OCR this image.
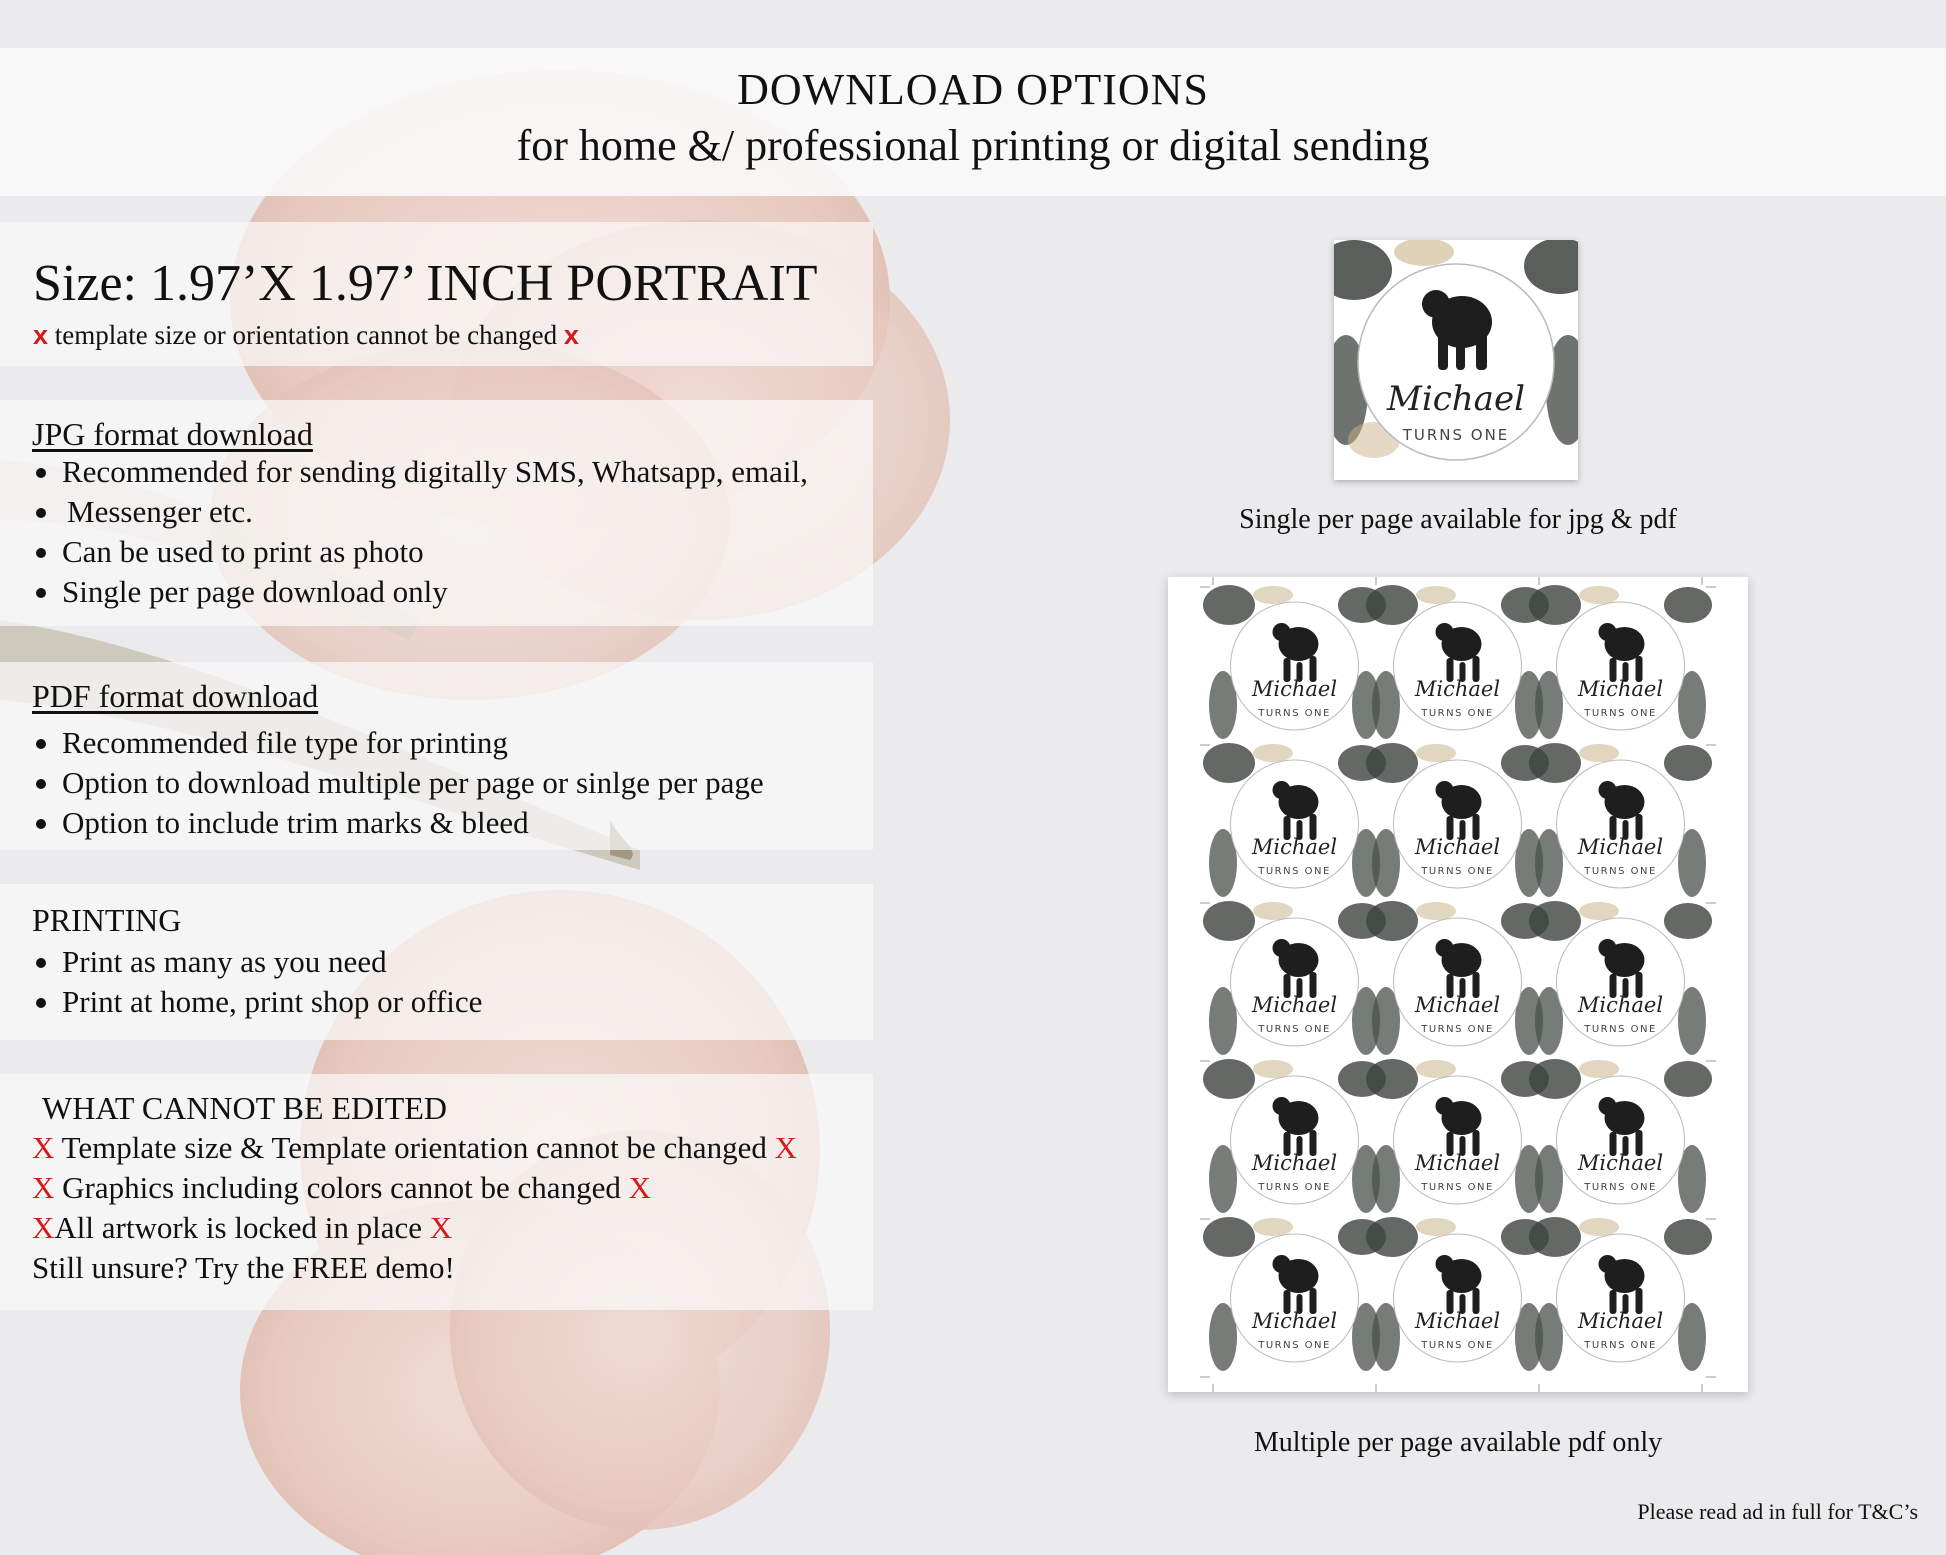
DOWNLOAD OPTIONS
for home &/ professional printing or digital sending
Size: 1.97’X 1.97’ INCH PORTRAIT
x template size or orientation cannot be changed x
JPG format download
Recommended for sending digitally SMS, Whatsapp, email,
Messenger etc.
Can be used to print as photo
Single per page download only
PDF format download
Recommended file type for printing
Option to download multiple per page or sinlge per page
Option to include trim marks & bleed
PRINTING
Print as many as you need
Print at home, print shop or office
WHAT CANNOT BE EDITED
X Template size & Template orientation cannot be changed X
X Graphics including colors cannot be changed X
XAll artwork is locked in place X
Still unsure? Try the FREE demo!
Michael
TURNS ONE
Single per page available for jpg & pdf
Michael
TURNS ONE
Michael
TURNS ONE
Michael
TURNS ONE
Michael
TURNS ONE
Michael
TURNS ONE
Michael
TURNS ONE
Michael
TURNS ONE
Michael
TURNS ONE
Michael
TURNS ONE
Michael
TURNS ONE
Michael
TURNS ONE
Michael
TURNS ONE
Michael
TURNS ONE
Michael
TURNS ONE
Michael
TURNS ONE
Multiple per page available pdf only
Please read ad in full for T&C’s
